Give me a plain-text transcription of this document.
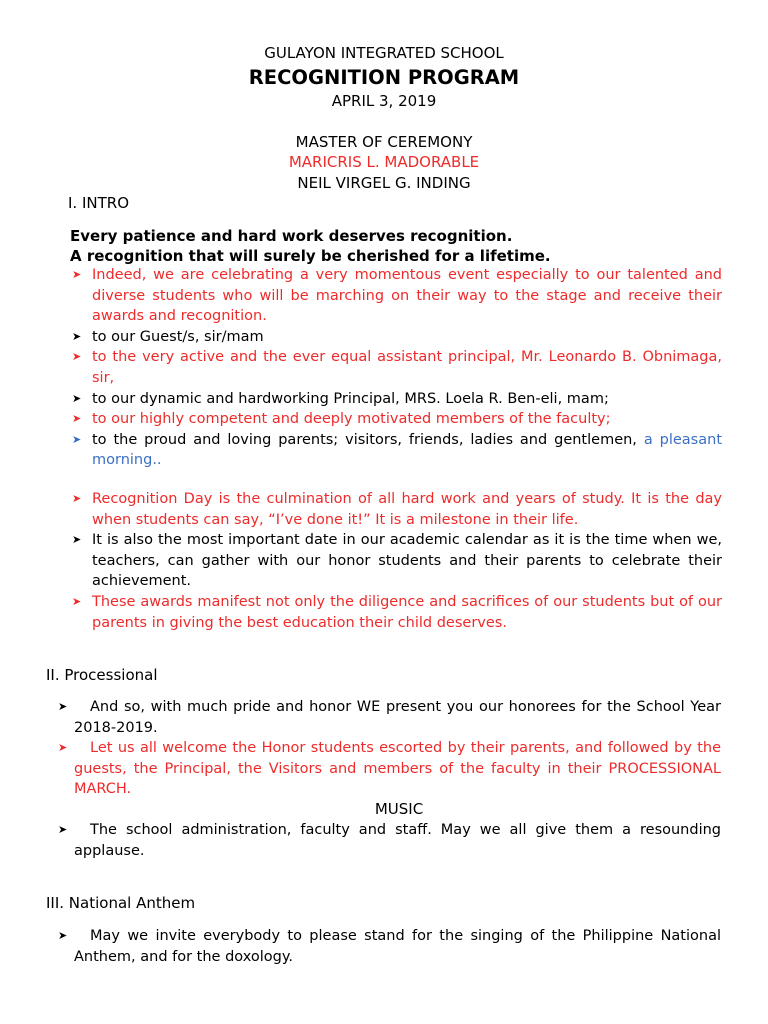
GULAYON INTEGRATED SCHOOL
RECOGNITION PROGRAM
APRIL 3, 2019
MASTER OF CEREMONY
MARICRIS L. MADORABLE
NEIL VIRGEL G. INDING
I. INTRO
Every patience and hard work deserves recognition.
A recognition that will surely be cherished for a lifetime.
➤ Indeed, we are celebrating a very momentous event especially to our talented and diverse students who will be marching on their way to the stage and receive their awards and recognition.
➤ to our Guest/s, sir/mam
➤ to the very active and the ever equal assistant principal, Mr. Leonardo B. Obnimaga, sir,
➤ to our dynamic and hardworking Principal, MRS. Loela R. Ben-eli, mam;
➤ to our highly competent and deeply motivated members of the faculty;
➤ to the proud and loving parents; visitors, friends, ladies and gentlemen, a pleasant morning..
➤ Recognition Day is the culmination of all hard work and years of study. It is the day when students can say, “I’ve done it!” It is a milestone in their life.
➤ It is also the most important date in our academic calendar as it is the time when we, teachers, can gather with our honor students and their parents to celebrate their achievement.
➤ These awards manifest not only the diligence and sacrifices of our students but of our parents in giving the best education their child deserves.
II. Processional
➤ And so, with much pride and honor WE present you our honorees for the School Year 2018-2019.
➤ Let us all welcome the Honor students escorted by their parents, and followed by the guests, the Principal, the Visitors and members of the faculty in their PROCESSIONAL MARCH.
MUSIC
➤ The school administration, faculty and staff. May we all give them a resounding applause.
III. National Anthem
➤ May we invite everybody to please stand for the singing of the Philippine National Anthem, and for the doxology.
